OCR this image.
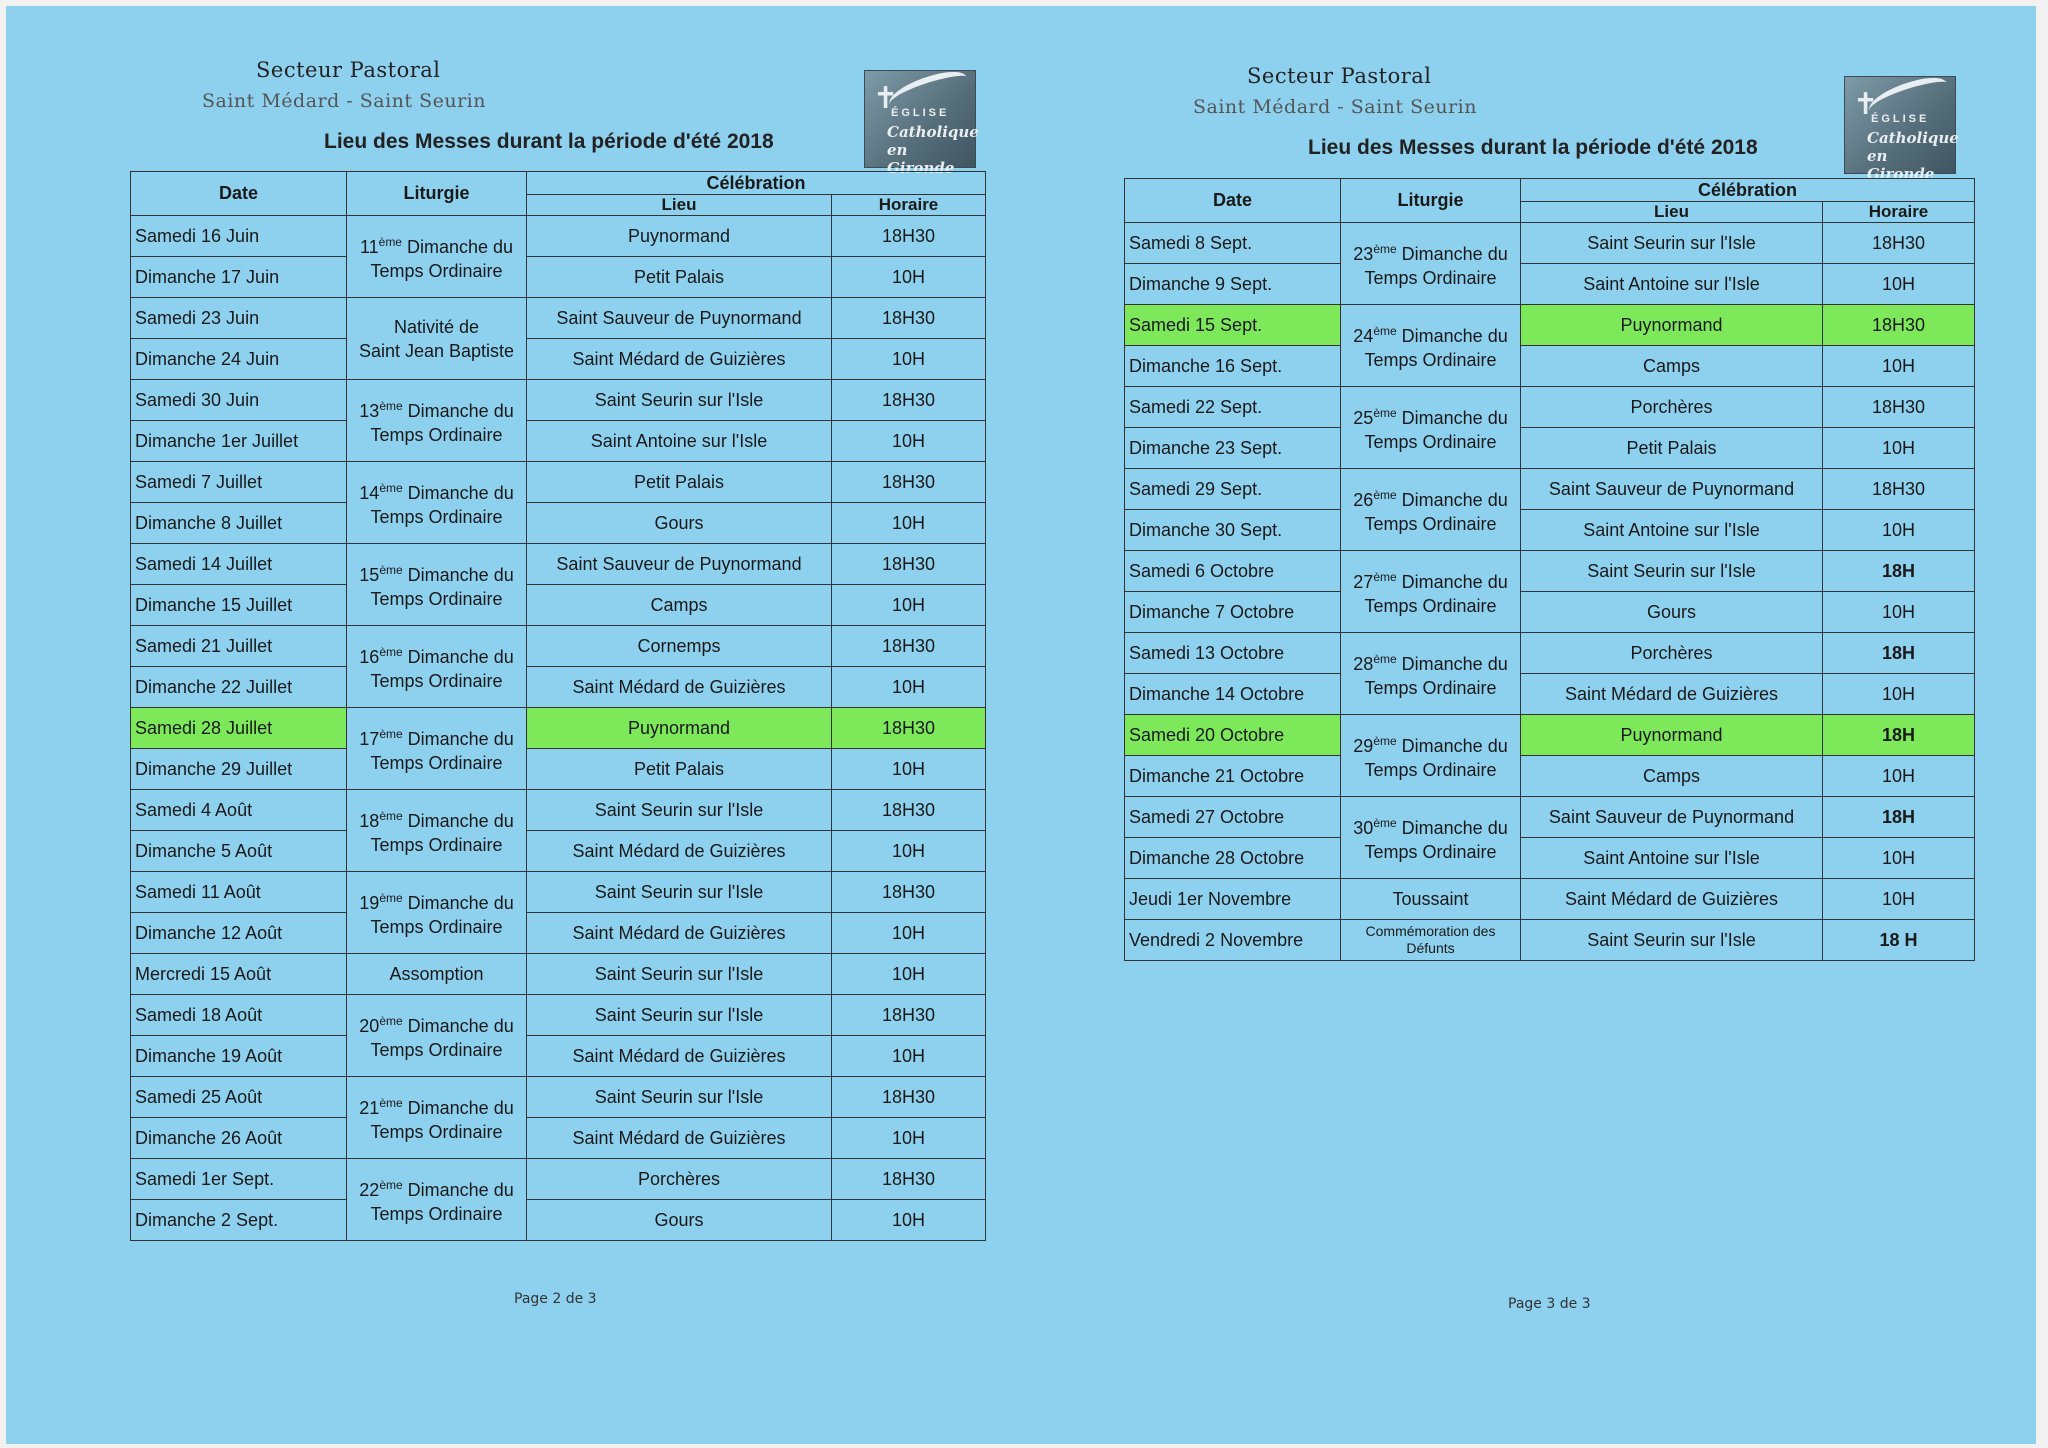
Secteur Pastoral
Saint Médard - Saint Seurin
Lieu des Messes durant la période d'été 2018
✝
ÉGLISE
Catholique
en Gironde
Date	Liturgie	Célébration	
		Lieu	Horaire
Samedi 16 Juin	11ème Dimanche du
Temps Ordinaire	Puynormand	18H30
Dimanche 17 Juin		Petit Palais	10H
Samedi 23 Juin	Nativité de
Saint Jean Baptiste	Saint Sauveur de Puynormand	18H30
Dimanche 24 Juin		Saint Médard de Guizières	10H
Samedi 30 Juin	13ème Dimanche du
Temps Ordinaire	Saint Seurin sur l'Isle	18H30
Dimanche 1er Juillet		Saint Antoine sur l'Isle	10H
Samedi 7 Juillet	14ème Dimanche du
Temps Ordinaire	Petit Palais	18H30
Dimanche 8 Juillet		Gours	10H
Samedi 14 Juillet	15ème Dimanche du
Temps Ordinaire	Saint Sauveur de Puynormand	18H30
Dimanche 15 Juillet		Camps	10H
Samedi 21 Juillet	16ème Dimanche du
Temps Ordinaire	Cornemps	18H30
Dimanche 22 Juillet		Saint Médard de Guizières	10H
Samedi 28 Juillet	17ème Dimanche du
Temps Ordinaire	Puynormand	18H30
Dimanche 29 Juillet		Petit Palais	10H
Samedi 4 Août	18ème Dimanche du
Temps Ordinaire	Saint Seurin sur l'Isle	18H30
Dimanche 5 Août		Saint Médard de Guizières	10H
Samedi 11 Août	19ème Dimanche du
Temps Ordinaire	Saint Seurin sur l'Isle	18H30
Dimanche 12 Août		Saint Médard de Guizières	10H
Mercredi 15 Août	Assomption	Saint Seurin sur l'Isle	10H
Samedi 18 Août	20ème Dimanche du
Temps Ordinaire	Saint Seurin sur l'Isle	18H30
Dimanche 19 Août		Saint Médard de Guizières	10H
Samedi 25 Août	21ème Dimanche du
Temps Ordinaire	Saint Seurin sur l'Isle	18H30
Dimanche 26 Août		Saint Médard de Guizières	10H
Samedi 1er Sept.	22ème Dimanche du
Temps Ordinaire	Porchères	18H30
Dimanche 2 Sept.		Gours	10H
Page 2 de 3
Secteur Pastoral
Saint Médard - Saint Seurin
Lieu des Messes durant la période d'été 2018
✝
ÉGLISE
Catholique
en Gironde
Date	Liturgie	Célébration	
		Lieu	Horaire
Samedi 8 Sept.	23ème Dimanche du
Temps Ordinaire	Saint Seurin sur l'Isle	18H30
Dimanche 9 Sept.		Saint Antoine sur l'Isle	10H
Samedi 15 Sept.	24ème Dimanche du
Temps Ordinaire	Puynormand	18H30
Dimanche 16 Sept.		Camps	10H
Samedi 22 Sept.	25ème Dimanche du
Temps Ordinaire	Porchères	18H30
Dimanche 23 Sept.		Petit Palais	10H
Samedi 29 Sept.	26ème Dimanche du
Temps Ordinaire	Saint Sauveur de Puynormand	18H30
Dimanche 30 Sept.		Saint Antoine sur l'Isle	10H
Samedi 6 Octobre	27ème Dimanche du
Temps Ordinaire	Saint Seurin sur l'Isle	18H
Dimanche 7 Octobre		Gours	10H
Samedi 13 Octobre	28ème Dimanche du
Temps Ordinaire	Porchères	18H
Dimanche 14 Octobre		Saint Médard de Guizières	10H
Samedi 20 Octobre	29ème Dimanche du
Temps Ordinaire	Puynormand	18H
Dimanche 21 Octobre		Camps	10H
Samedi 27 Octobre	30ème Dimanche du
Temps Ordinaire	Saint Sauveur de Puynormand	18H
Dimanche 28 Octobre		Saint Antoine sur l'Isle	10H
Jeudi 1er Novembre	Toussaint	Saint Médard de Guizières	10H
Vendredi 2 Novembre	Commémoration des
Défunts	Saint Seurin sur l'Isle	18 H
Page 3 de 3
